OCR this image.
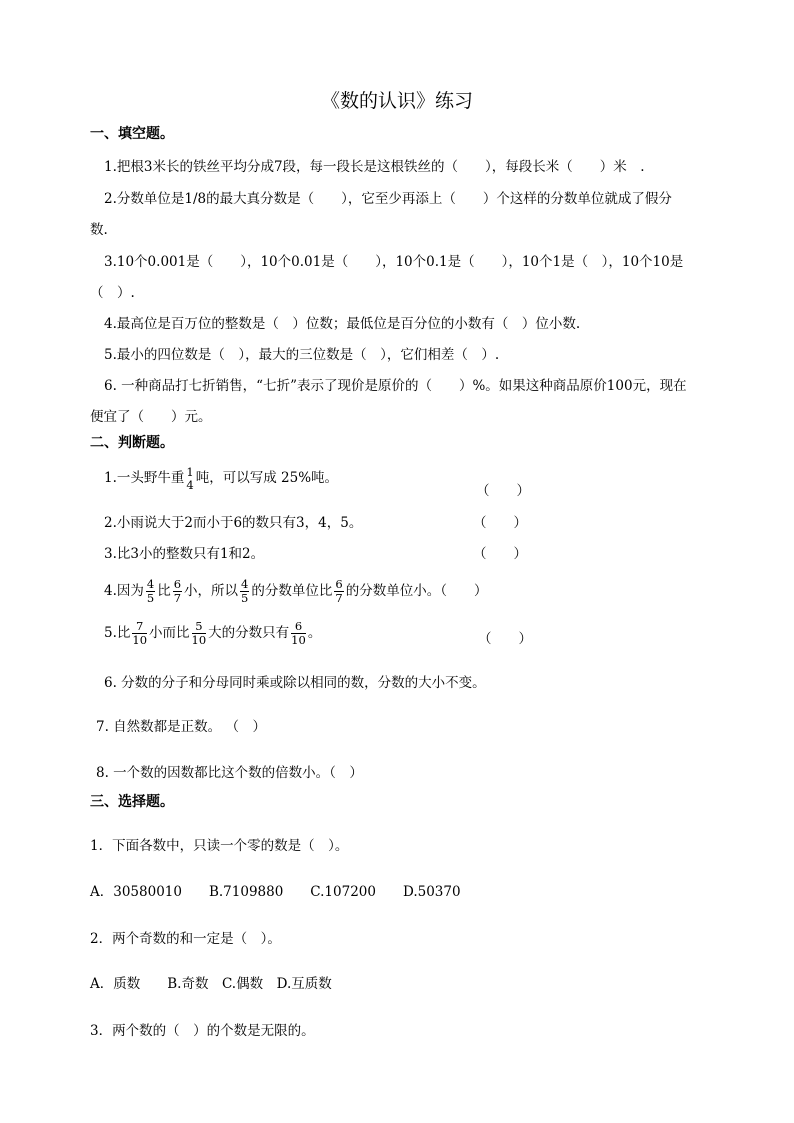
《数的认识》练习
一、填空题。
1.把根3米长的铁丝平均分成7段，每一段长是这根铁丝的（　　），每段长米（　　）米　.
2.分数单位是1/8的最大真分数是（　　），它至少再添上（　　）个这样的分数单位就成了假分
数.
3.10个0.001是（　　），10个0.01是（　　），10个0.1是（　　），10个1是（　），10个10是
（　）.
4.最高位是百万位的整数是（　）位数；最低位是百分位的小数有（　）位小数.
5.最小的四位数是（　），最大的三位数是（　），它们相差（　）.
6. 一种商品打七折销售，“七折”表示了现价是原价的（　　）%。如果这种商品原价100元，现在
便宜了（　　）元。
二、判断题。
1.一头野牛重 1
4 吨，可以写成 25%吨。
（　　）
2.小雨说大于2而小于6的数只有3，4，5。	（　　）
3.比3小的整数只有1和2。	（　　）
4.因为 $\frac{4}{5}$ 比 $\frac{6}{7}$ 小，所以 $\frac{4}{5}$ 的分数单位比 $\frac{6}{7}$ 的分数单位小。（　　）
5.比 $\frac{7}{10}$ 小而比 $\frac{5}{10}$ 大的分数只有 $\frac{6}{10}$ 。	（　　）
6. 分数的分子和分母同时乘或除以相同的数，分数的大小不变。
7. 自然数都是正数。 （　）
8. 一个数的因数都比这个数的倍数小。（　）
三、选择题。
1．下面各数中，只读一个零的数是（　）。
A．30580010　　B.7109880　　C.107200　　D.50370
2．两个奇数的和一定是（　）。
A．质数　　B.奇数　C.偶数　D.互质数
3．两个数的（　）的个数是无限的。
